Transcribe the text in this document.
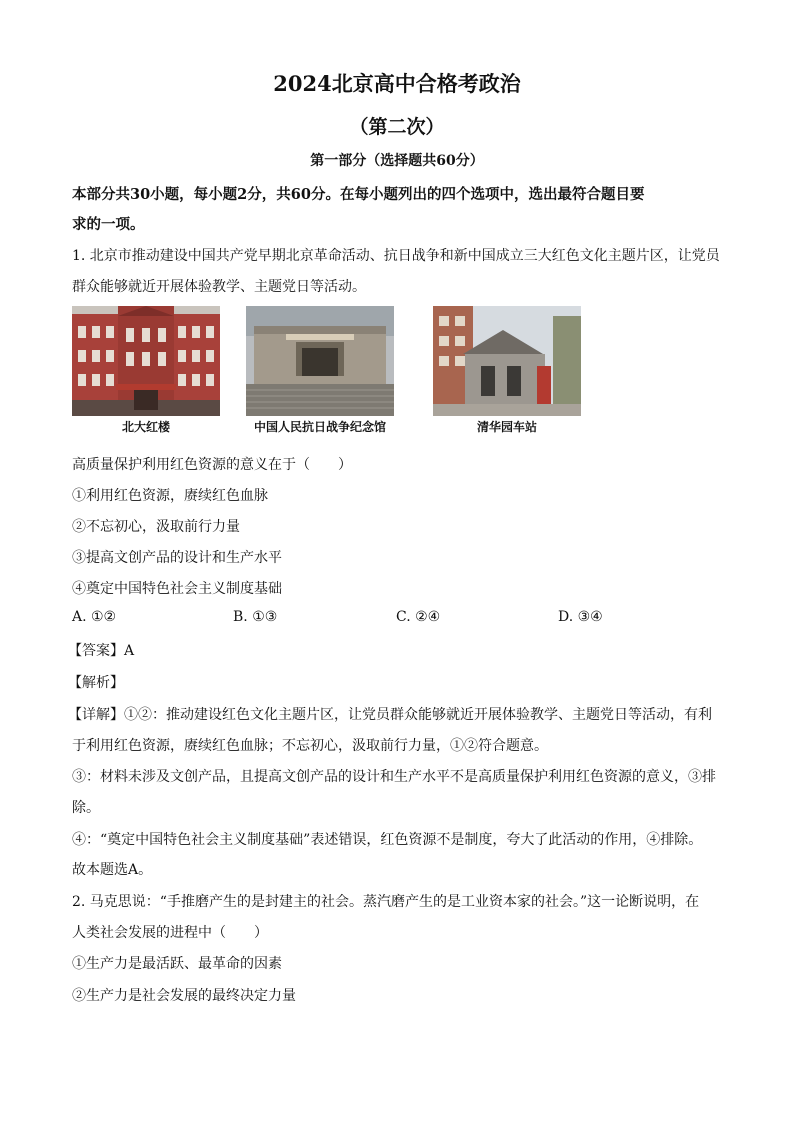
2024北京高中合格考政治
（第二次）
第一部分（选择题共60分）
本部分共30小题，每小题2分，共60分。在每小题列出的四个选项中，选出最符合题目要
求的一项。
1. 北京市推动建设中国共产党早期北京革命活动、抗日战争和新中国成立三大红色文化主题片区，让党员
群众能够就近开展体验教学、主题党日等活动。
北大红楼	中国人民抗日战争纪念馆	清华园车站
高质量保护利用红色资源的意义在于（　　）
①利用红色资源，赓续红色血脉
②不忘初心，汲取前行力量
③提高文创产品的设计和生产水平
④奠定中国特色社会主义制度基础
A. ①②	B. ①③	C. ②④	D. ③④
【答案】A
【解析】
【详解】①②：推动建设红色文化主题片区，让党员群众能够就近开展体验教学、主题党日等活动，有利
于利用红色资源，赓续红色血脉；不忘初心，汲取前行力量，①②符合题意。
③：材料未涉及文创产品，且提高文创产品的设计和生产水平不是高质量保护利用红色资源的意义，③排
除。
④：“奠定中国特色社会主义制度基础”表述错误，红色资源不是制度，夸大了此活动的作用，④排除。
故本题选A。
2. 马克思说：“手推磨产生的是封建主的社会。蒸汽磨产生的是工业资本家的社会。”这一论断说明，在
人类社会发展的进程中（　　）
①生产力是最活跃、最革命的因素
②生产力是社会发展的最终决定力量
